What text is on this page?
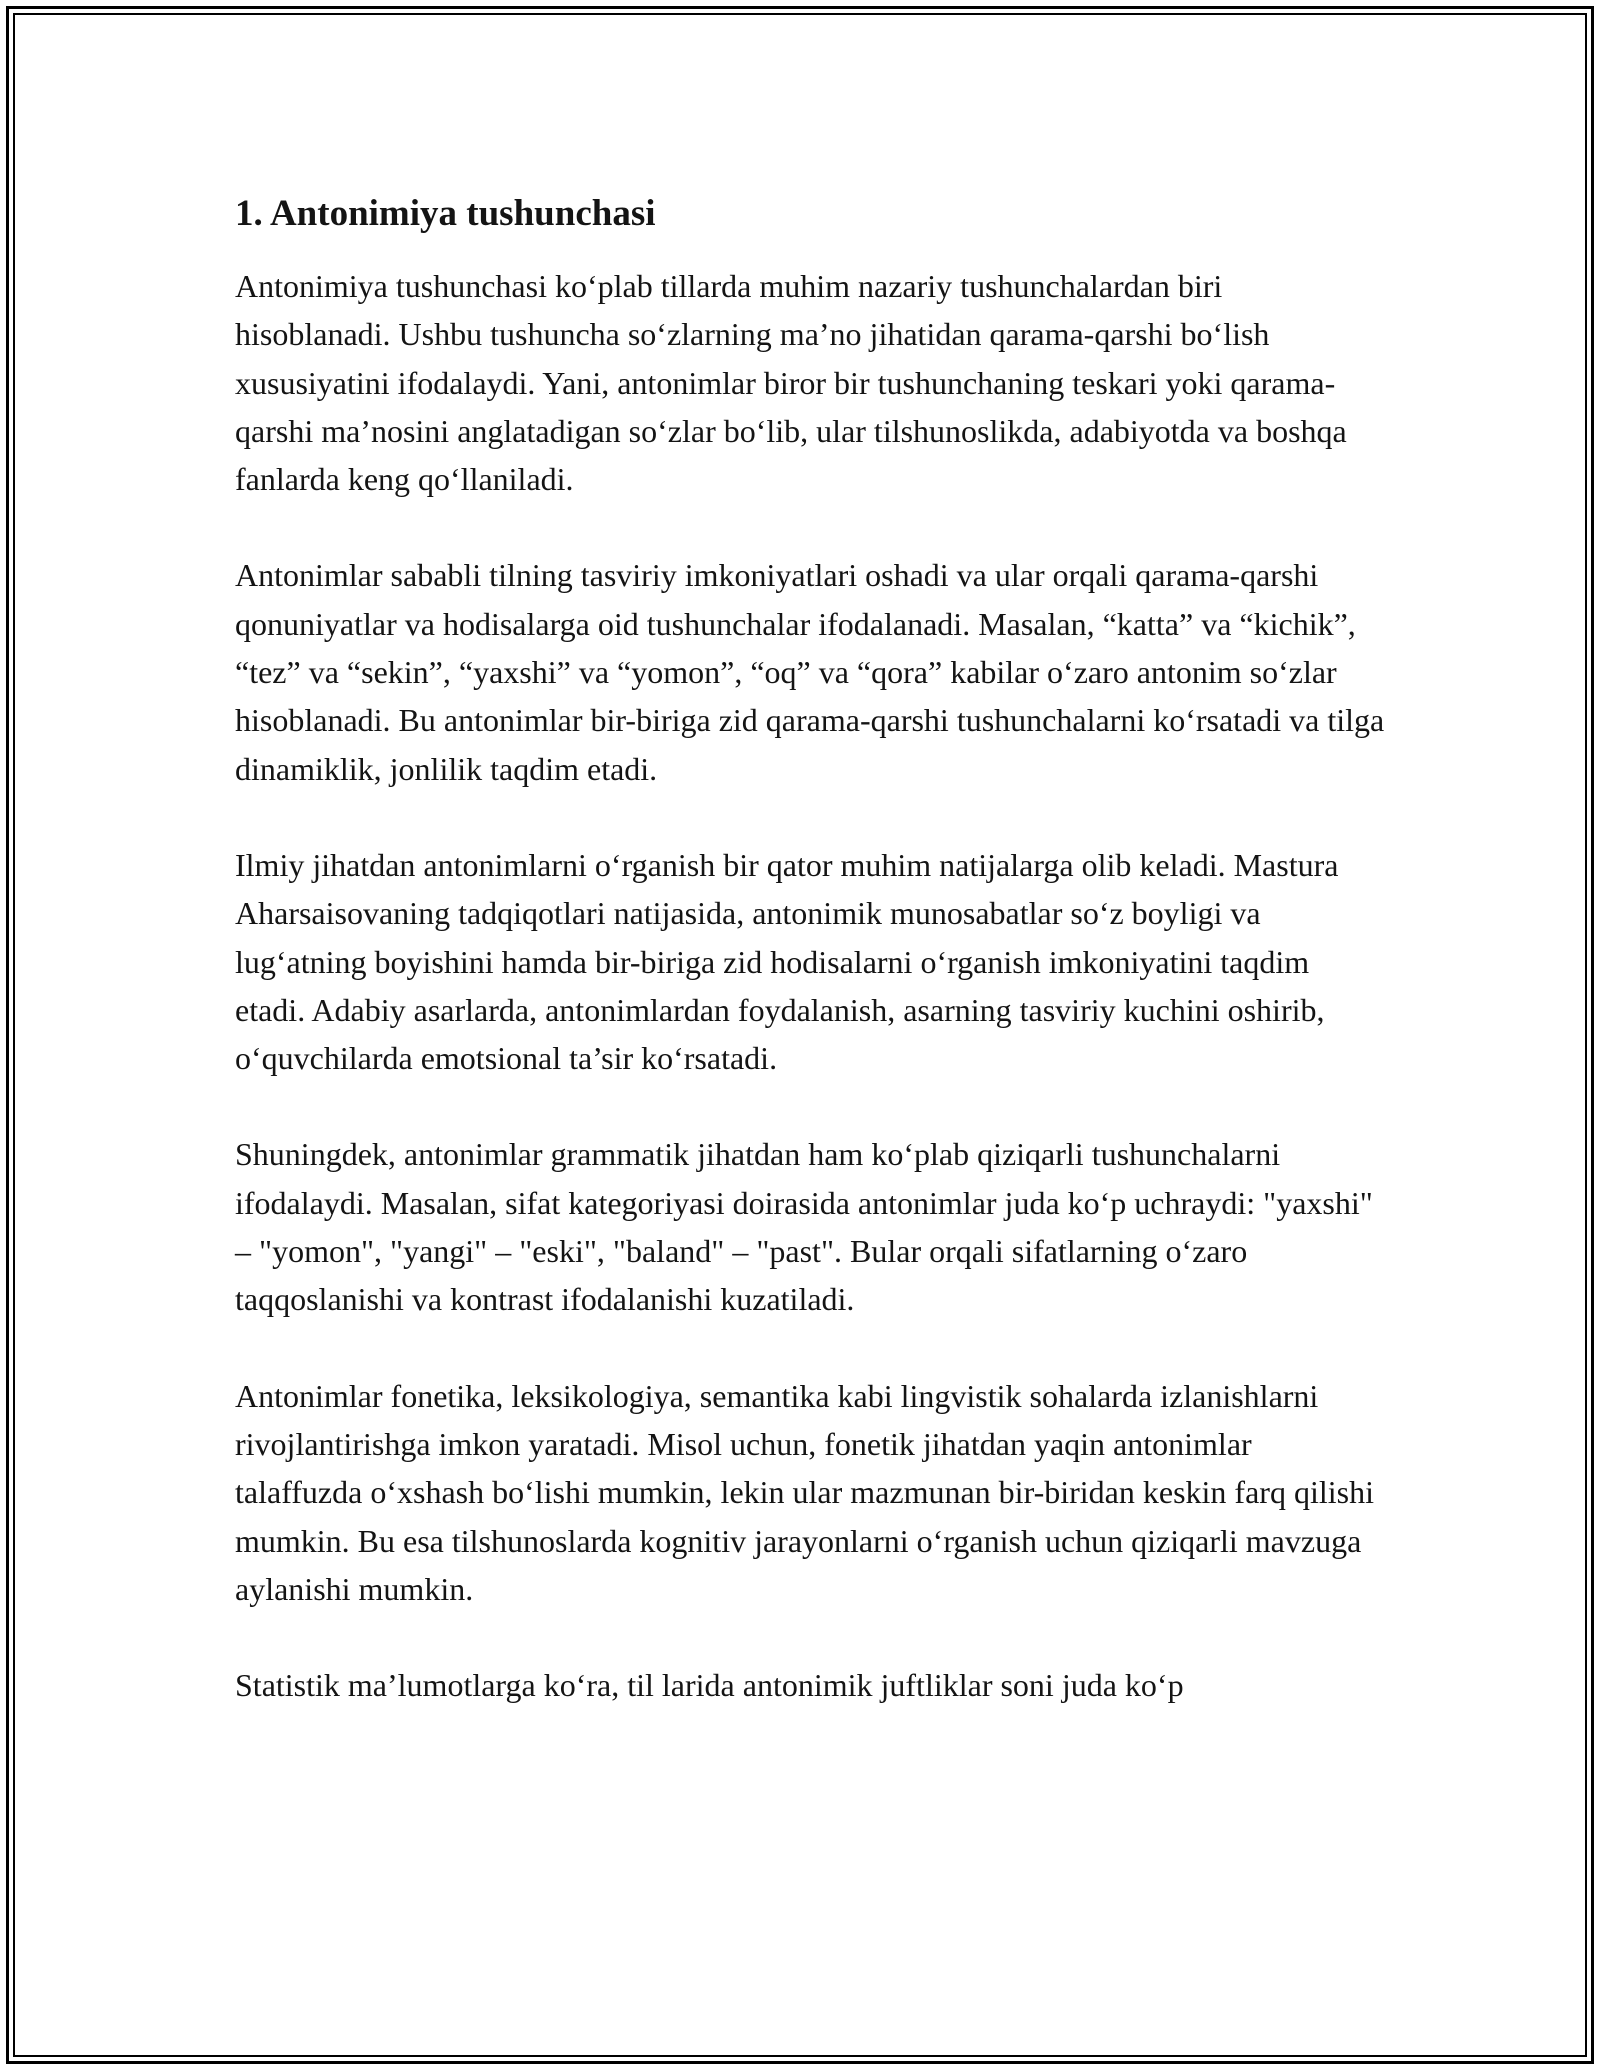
1. Antonimiya tushunchasi

Antonimiya tushunchasi ko‘plab tillarda muhim nazariy tushunchalardan biri hisoblanadi. Ushbu tushuncha so‘zlarning ma’no jihatidan qarama-qarshi bo‘lish xususiyatini ifodalaydi. Yani, antonimlar biror bir tushunchaning teskari yoki qarama-qarshi ma’nosini anglatadigan so‘zlar bo‘lib, ular tilshunoslikda, adabiyotda va boshqa fanlarda keng qo‘llaniladi.

Antonimlar sababli tilning tasviriy imkoniyatlari oshadi va ular orqali qarama-qarshi qonuniyatlar va hodisalarga oid tushunchalar ifodalanadi. Masalan, “katta” va “kichik”, “tez” va “sekin”, “yaxshi” va “yomon”, “oq” va “qora” kabilar o‘zaro antonim so‘zlar hisoblanadi. Bu antonimlar bir-biriga zid qarama-qarshi tushunchalarni ko‘rsatadi va tilga dinamiklik, jonlilik taqdim etadi.

Ilmiy jihatdan antonimlarni o‘rganish bir qator muhim natijalarga olib keladi. Mastura Aharsaisovaning tadqiqotlari natijasida, antonimik munosabatlar so‘z boyligi va lug‘atning boyishini hamda bir-biriga zid hodisalarni o‘rganish imkoniyatini taqdim etadi. Adabiy asarlarda, antonimlardan foydalanish, asarning tasviriy kuchini oshirib, o‘quvchilarda emotsional ta’sir ko‘rsatadi.

Shuningdek, antonimlar grammatik jihatdan ham ko‘plab qiziqarli tushunchalarni ifodalaydi. Masalan, sifat kategoriyasi doirasida antonimlar juda ko‘p uchraydi: "yaxshi" – "yomon", "yangi" – "eski", "baland" – "past". Bular orqali sifatlarning o‘zaro taqqoslanishi va kontrast ifodalanishi kuzatiladi.

Antonimlar fonetika, leksikologiya, semantika kabi lingvistik sohalarda izlanishlarni rivojlantirishga imkon yaratadi. Misol uchun, fonetik jihatdan yaqin antonimlar talaffuzda o‘xshash bo‘lishi mumkin, lekin ular mazmunan bir-biridan keskin farq qilishi mumkin. Bu esa tilshunoslarda kognitiv jarayonlarni o‘rganish uchun qiziqarli mavzuga aylanishi mumkin.

Statistik ma’lumotlarga ko‘ra, til larida antonimik juftliklar soni juda ko‘p
